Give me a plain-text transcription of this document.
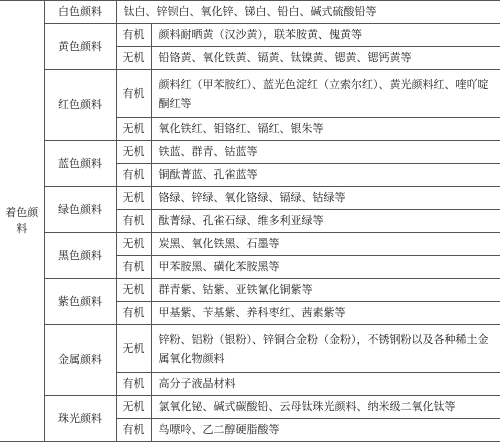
着色颜料	白色颜料	钛白、锌钡白、氧化锌、锑白、铅白、碱式硫酸铅等	
	黄色颜料	有机	颜料耐晒黄（汉沙黄），联苯胺黄、傀黄等
		无机	铅铬黄、氧化铁黄、镉黄、钛镍黄、锶黄、锶钙黄等
	红色颜料	有机	颜料红（甲苯胺红）、蓝光色淀红（立索尔红）、黄光颜料红、喹吖啶酮红等
		无机	氧化铁红、钼铬红、镉红、银朱等
	蓝色颜料	无机	铁蓝、群青、钴蓝等
		有机	铜酞菁蓝、孔雀蓝等
	绿色颜料	无机	铬绿、锌绿、氧化铬绿、镉绿、钴绿等
		有机	酞菁绿、孔雀石绿、维多利亚绿等
	黑色颜料	无机	炭黑、氧化铁黑、石墨等
		有机	甲苯胺黑、磺化苯胺黑等
	紫色颜料	无机	群青紫、钴紫、亚铁氰化铜紫等
		有机	甲基紫、苄基紫、养科枣红、茜素紫等
	金属颜料	无机	锌粉、铝粉（银粉）、锌铜合金粉（金粉），不锈钢粉以及各种稀土金属氧化物颜料
		有机	高分子液晶材料
	珠光颜料	无机	氯氧化铋、碱式碳酸铅、云母钛珠光颜料、纳米级二氧化钛等
		有机	鸟嘌呤、乙二醇硬脂酸等
